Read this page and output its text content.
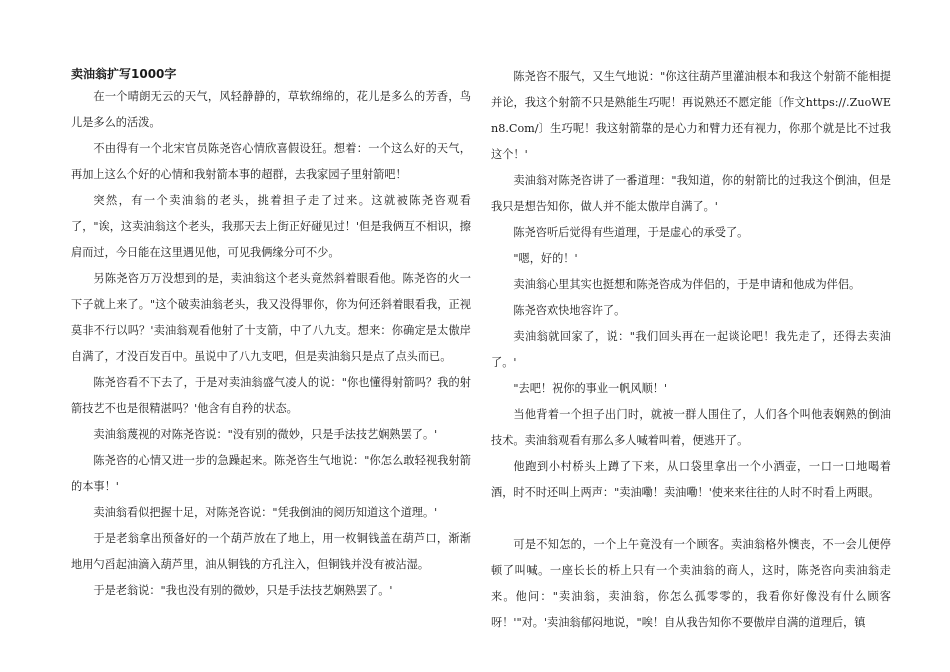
卖油翁扩写1000字

在一个晴朗无云的天气，风轻静静的，草软绵绵的，花儿是多么的芳香，鸟儿是多么的活泼。

不由得有一个北宋官员陈尧咨心情欣喜假设狂。想着：一个这么好的天气，再加上这么个好的心情和我射箭本事的超群，去我家园子里射箭吧！

突然，有一个卖油翁的老头，挑着担子走了过来。这就被陈尧咨观看了，"诶，这卖油翁这个老头，我那天去上街正好碰见过！'但是我俩互不相识，擦肩而过，今日能在这里遇见他，可见我俩缘分可不少。

另陈尧咨万万没想到的是，卖油翁这个老头竟然斜着眼看他。陈尧咨的火一下子就上来了。"这个破卖油翁老头，我又没得罪你，你为何还斜着眼看我，正视莫非不行以吗？'卖油翁观看他射了十支箭，中了八九支。想来：你确定是太傲岸自满了，才没百发百中。虽说中了八九支吧，但是卖油翁只是点了点头而已。

陈尧咨看不下去了，于是对卖油翁盛气凌人的说："你也懂得射箭吗？我的射箭技艺不也是很精湛吗？'他含有自矜的状态。

卖油翁蔑视的对陈尧咨说："没有别的微妙，只是手法技艺娴熟罢了。'

陈尧咨的心情又进一步的急躁起来。陈尧咨生气地说："你怎么敢轻视我射箭的本事！'

卖油翁看似把握十足，对陈尧咨说："凭我倒油的阅历知道这个道理。'

于是老翁拿出预备好的一个葫芦放在了地上，用一枚铜钱盖在葫芦口，渐渐地用勺舀起油滴入葫芦里，油从铜钱的方孔注入，但铜钱并没有被沾湿。

于是老翁说："我也没有别的微妙，只是手法技艺娴熟罢了。'

陈尧咨不服气，又生气地说："你这往葫芦里灌油根本和我这个射箭不能相提并论，我这个射箭不只是熟能生巧呢！再说熟还不愿定能〔作文https://.ZuoWEn8.Com/〕生巧呢！我这射箭靠的是心力和臂力还有视力，你那个就是比不过我这个！'

卖油翁对陈尧咨讲了一番道理："我知道，你的射箭比的过我这个倒油，但是我只是想告知你，做人并不能太傲岸自满了。'

陈尧咨听后觉得有些道理，于是虚心的承受了。

"嗯，好的！'

卖油翁心里其实也挺想和陈尧咨成为伴侣的，于是申请和他成为伴侣。

陈尧咨欢快地容许了。

卖油翁就回家了，说："我们回头再在一起谈论吧！我先走了，还得去卖油了。'

"去吧！祝你的事业一帆风顺！'

当他背着一个担子出门时，就被一群人围住了，人们各个叫他表娴熟的倒油技术。卖油翁观看有那么多人喊着叫着，便逃开了。

他跑到小村桥头上蹲了下来，从口袋里拿出一个小酒壶，一口一口地喝着酒，时不时还叫上两声："卖油嘞！卖油嘞！'使来来往往的人时不时看上两眼。

可是不知怎的，一个上午竟没有一个顾客。卖油翁格外懊丧，不一会儿便停顿了叫喊。一座长长的桥上只有一个卖油翁的商人，这时，陈尧咨向卖油翁走来。他问："卖油翁，卖油翁，你怎么孤零零的，我看你好像没有什么顾客呀！'"对。'卖油翁郁闷地说，"唉！自从我告知你不要傲岸自满的道理后，镇
